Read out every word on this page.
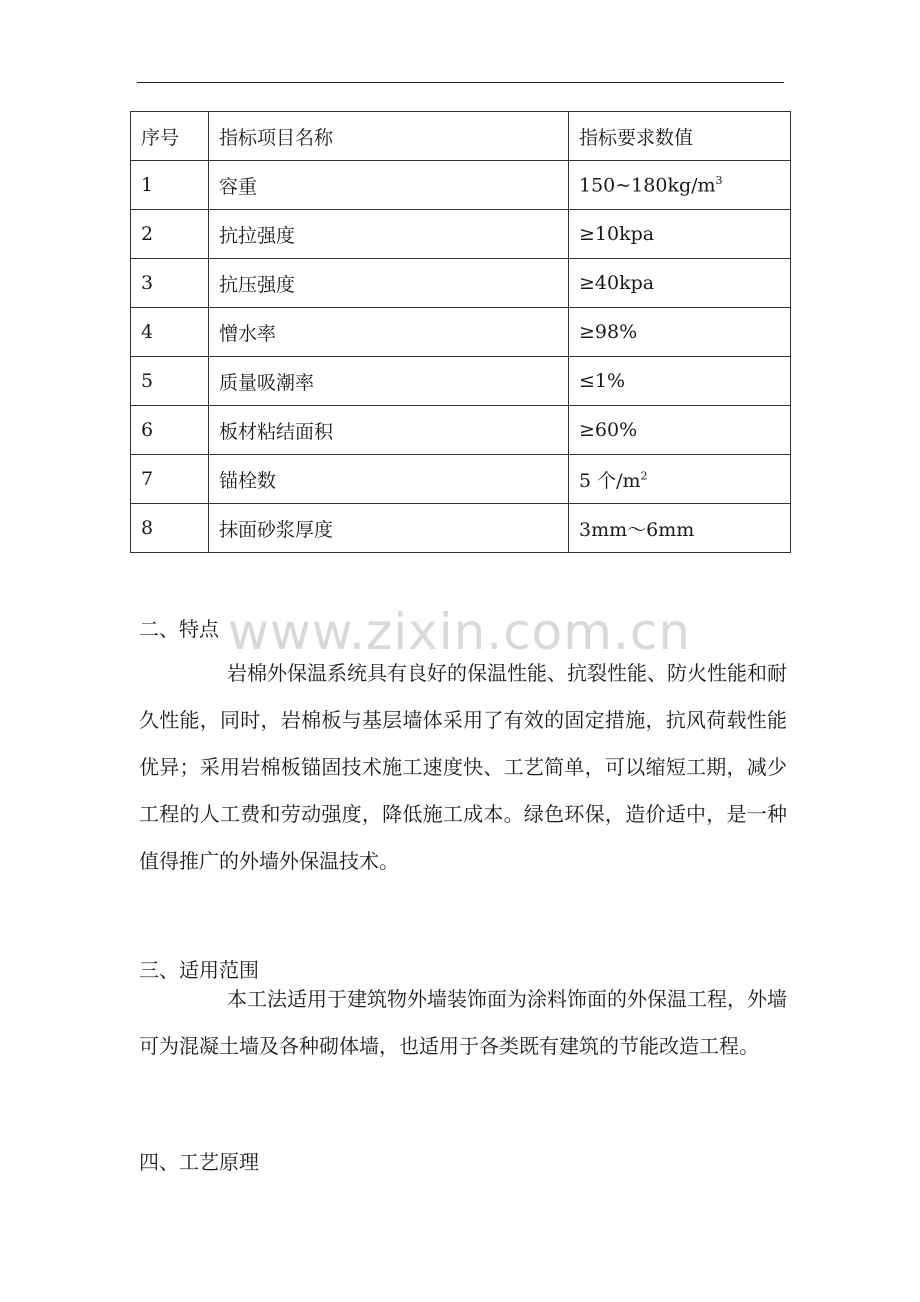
序号	指标项目名称	指标要求数值
1	容重	$150\sim 180kg/m^3$
2	抗拉强度	≥10kpa
3	抗压强度	≥40kpa
4	憎水率	≥98%
5	质量吸潮率	≤1%
6	板材粘结面积	≥60%
7	锚栓数	5 个$/m^2$
8	抹面砂浆厚度	3mm～6mm
www.zixin.com.cn
二、特点
岩棉外保温系统具有良好的保温性能、抗裂性能、防火性能和耐久性能，同时，岩棉板与基层墙体采用了有效的固定措施，抗风荷载性能优异；采用岩棉板锚固技术施工速度快、工艺简单，可以缩短工期，减少工程的人工费和劳动强度，降低施工成本。绿色环保，造价适中，是一种值得推广的外墙外保温技术。
三、适用范围
本工法适用于建筑物外墙装饰面为涂料饰面的外保温工程，外墙可为混凝土墙及各种砌体墙，也适用于各类既有建筑的节能改造工程。
四、工艺原理
